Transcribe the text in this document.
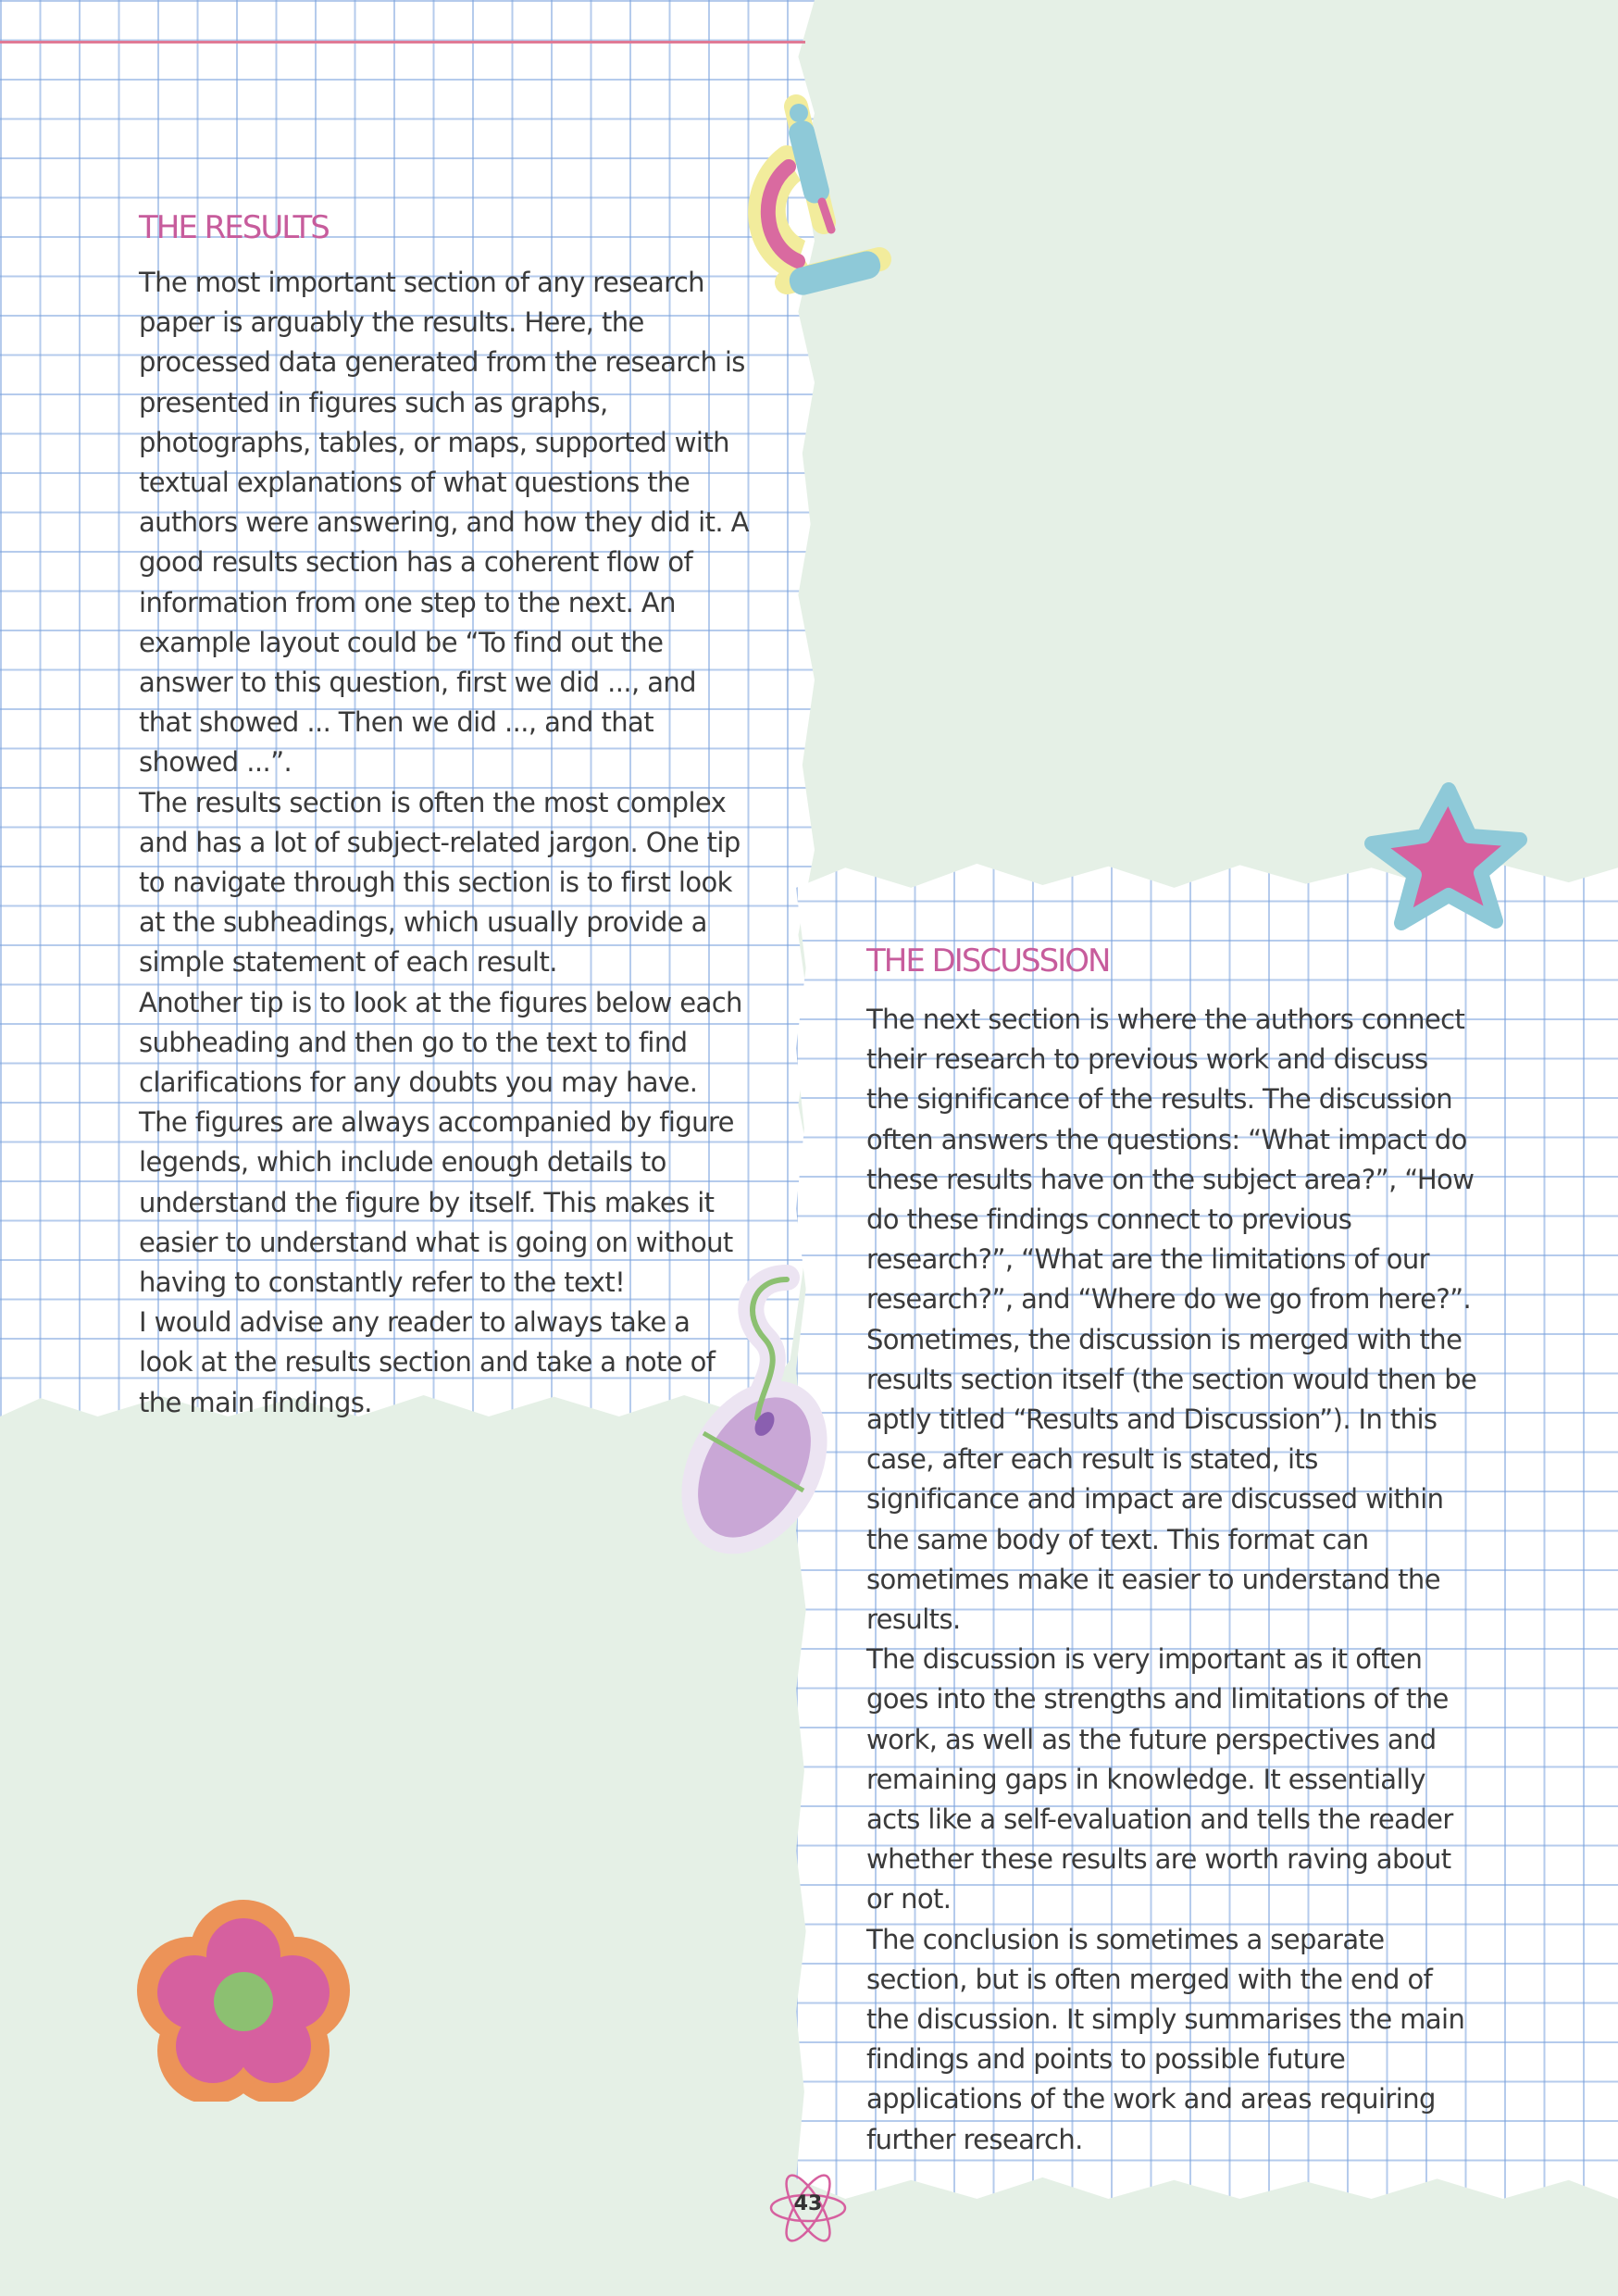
THE RESULTS

The most important section of any research paper is arguably the results. Here, the processed data generated from the research is presented in figures such as graphs, photographs, tables, or maps, supported with textual explanations of what questions the authors were answering, and how they did it. A good results section has a coherent flow of information from one step to the next. An example layout could be “To find out the answer to this question, first we did ..., and that showed ... Then we did ..., and that showed ...”.

The results section is often the most complex and has a lot of subject-related jargon. One tip to navigate through this section is to first look at the subheadings, which usually provide a simple statement of each result.

Another tip is to look at the figures below each subheading and then go to the text to find clarifications for any doubts you may have. The figures are always accompanied by figure legends, which include enough details to understand the figure by itself. This makes it easier to understand what is going on without having to constantly refer to the text!

I would advise any reader to always take a look at the results section and take a note of the main findings.

THE DISCUSSION

The next section is where the authors connect their research to previous work and discuss the significance of the results. The discussion often answers the questions: “What impact do these results have on the subject area?”, “How do these findings connect to previous research?”, “What are the limitations of our research?”, and “Where do we go from here?”.

Sometimes, the discussion is merged with the results section itself (the section would then be aptly titled “Results and Discussion”). In this case, after each result is stated, its significance and impact are discussed within the same body of text. This format can sometimes make it easier to understand the results.

The discussion is very important as it often goes into the strengths and limitations of the work, as well as the future perspectives and remaining gaps in knowledge. It essentially acts like a self-evaluation and tells the reader whether these results are worth raving about or not.

The conclusion is sometimes a separate section, but is often merged with the end of the discussion. It simply summarises the main findings and points to possible future applications of the work and areas requiring further research.

43
